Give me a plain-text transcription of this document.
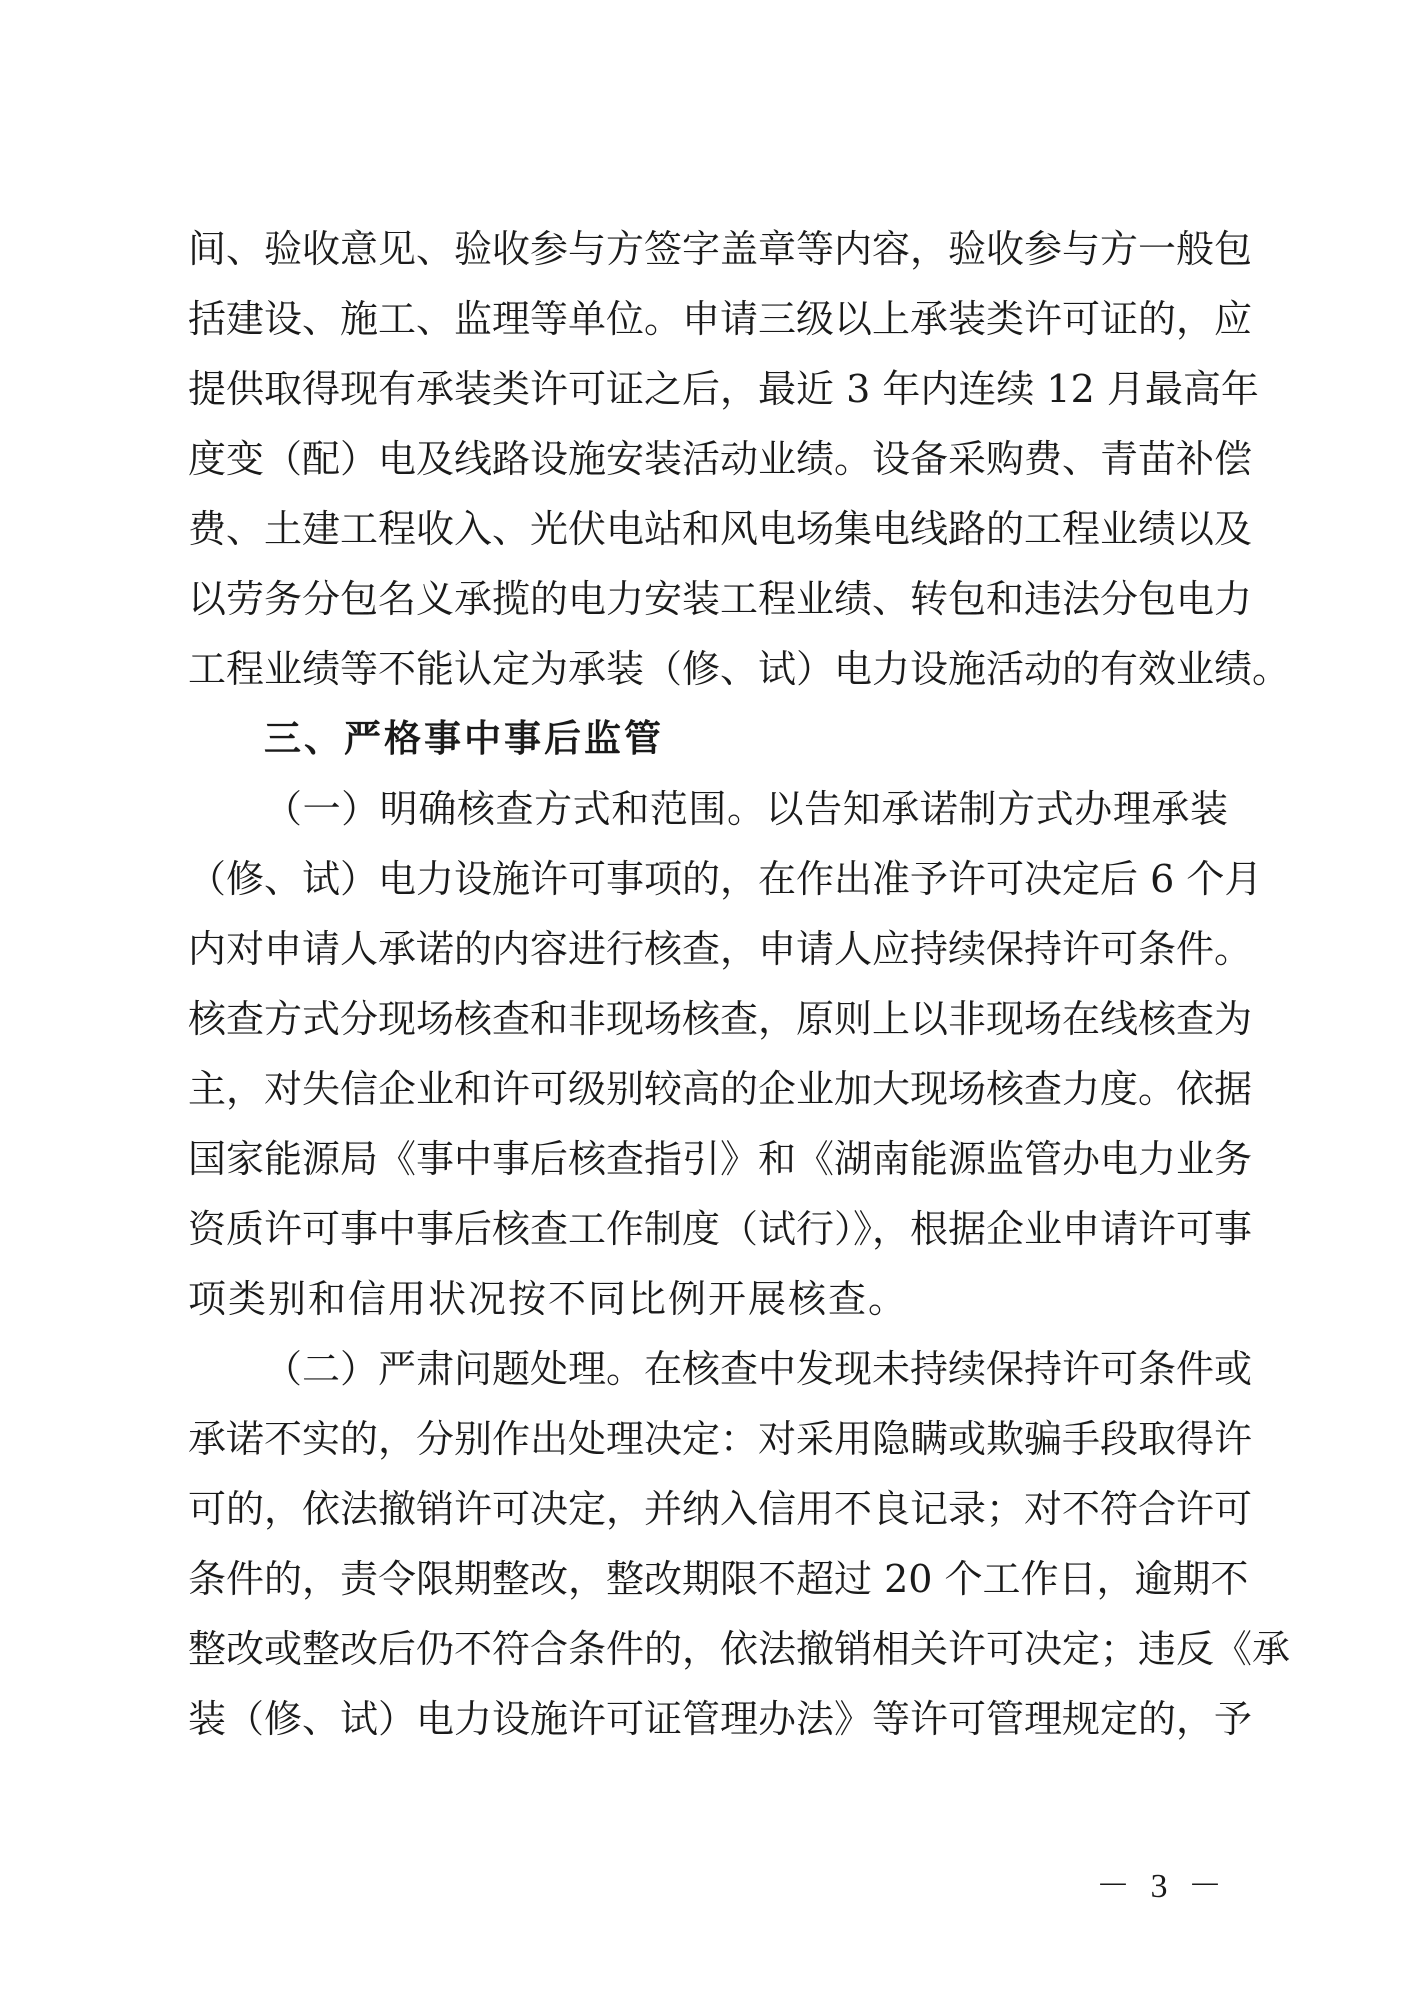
间、验收意见、验收参与方签字盖章等内容，验收参与方一般包
括建设、施工、监理等单位。申请三级以上承装类许可证的，应
提供取得现有承装类许可证之后，最近 3 年内连续 12 月最高年
度变（配）电及线路设施安装活动业绩。设备采购费、青苗补偿
费、土建工程收入、光伏电站和风电场集电线路的工程业绩以及
以劳务分包名义承揽的电力安装工程业绩、转包和违法分包电力
工程业绩等不能认定为承装（修、试）电力设施活动的有效业绩。
三、严格事中事后监管
（一）明确核查方式和范围。以告知承诺制方式办理承装
（修、试）电力设施许可事项的，在作出准予许可决定后 6 个月
内对申请人承诺的内容进行核查，申请人应持续保持许可条件。
核查方式分现场核查和非现场核查，原则上以非现场在线核查为
主，对失信企业和许可级别较高的企业加大现场核查力度。依据
国家能源局《事中事后核查指引》和《湖南能源监管办电力业务
资质许可事中事后核查工作制度（试行）》，根据企业申请许可事
项类别和信用状况按不同比例开展核查。
（二）严肃问题处理。在核查中发现未持续保持许可条件或
承诺不实的，分别作出处理决定：对采用隐瞒或欺骗手段取得许
可的，依法撤销许可决定，并纳入信用不良记录；对不符合许可
条件的，责令限期整改，整改期限不超过 20 个工作日，逾期不
整改或整改后仍不符合条件的，依法撤销相关许可决定；违反《承
装（修、试）电力设施许可证管理办法》等许可管理规定的，予
－ 3 －
